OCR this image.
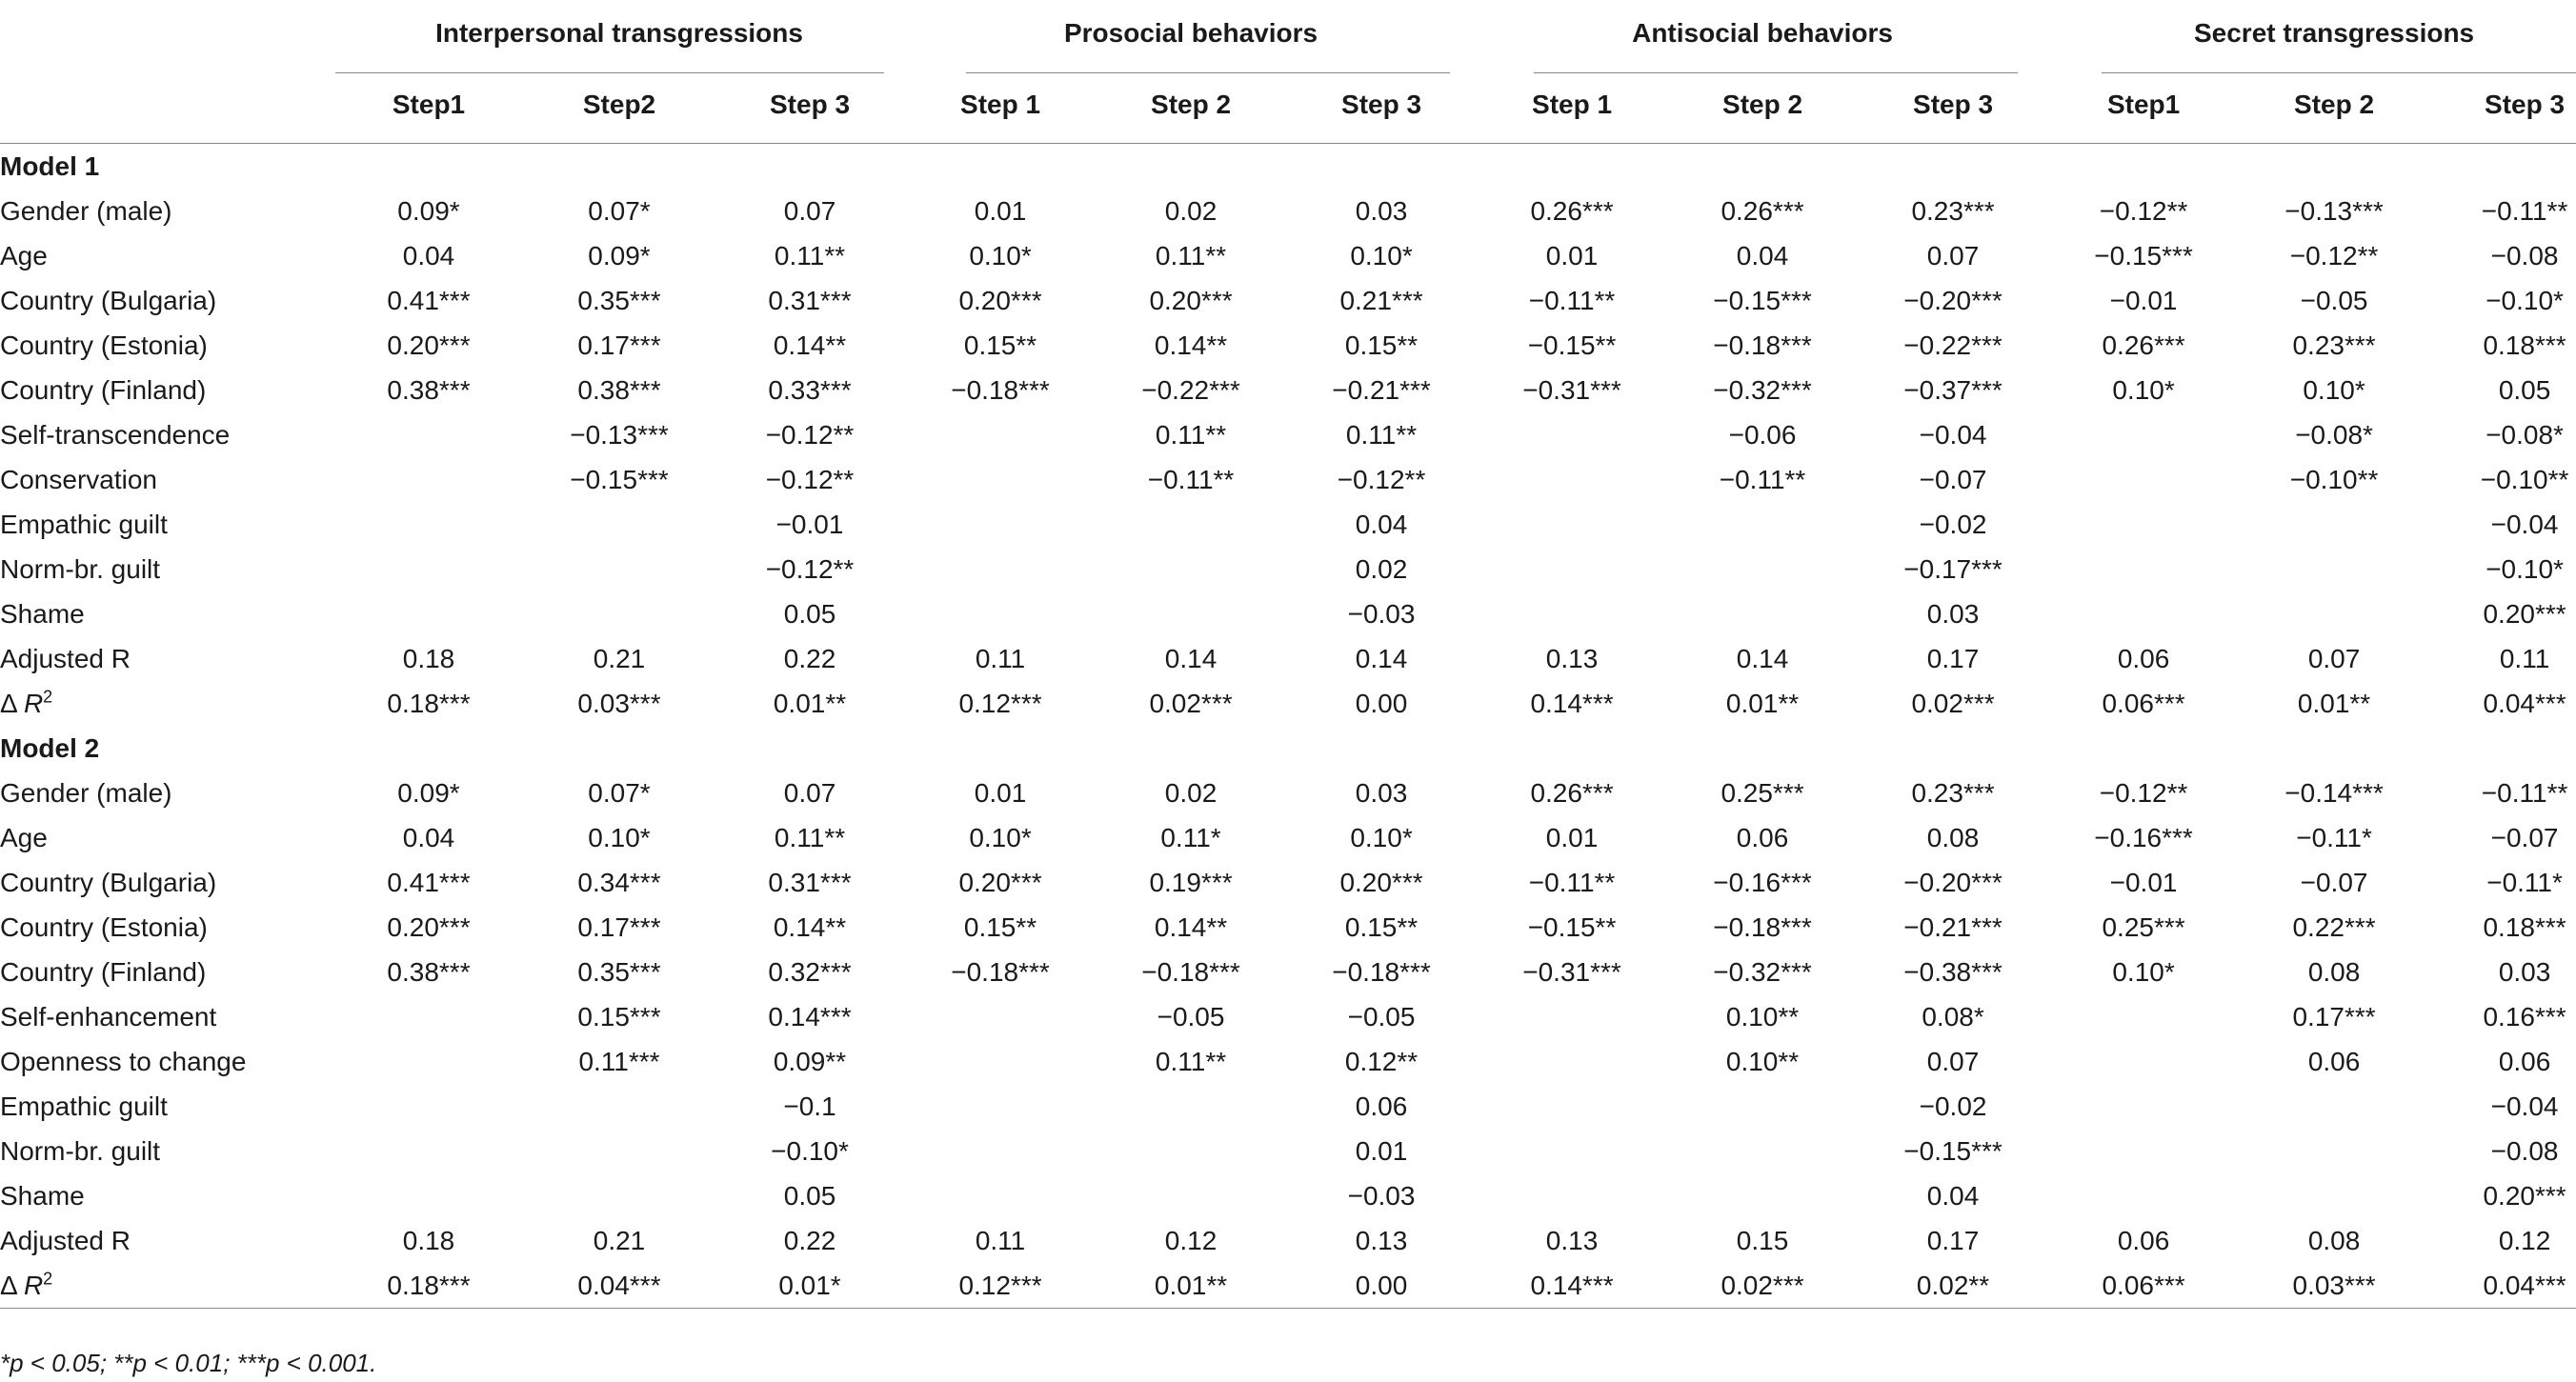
	Interpersonal transgressions			Prosocial behaviors			Antisocial behaviors			Secret transgressions		
	Step1	Step2	Step 3	Step 1	Step 2	Step 3	Step 1	Step 2	Step 3	Step1	Step 2	Step 3
Model 1												
Gender (male)	0.09*	0.07*	0.07	0.01	0.02	0.03	0.26***	0.26***	0.23***	−0.12**	−0.13***	−0.11**
Age	0.04	0.09*	0.11**	0.10*	0.11**	0.10*	0.01	0.04	0.07	−0.15***	−0.12**	−0.08
Country (Bulgaria)	0.41***	0.35***	0.31***	0.20***	0.20***	0.21***	−0.11**	−0.15***	−0.20***	−0.01	−0.05	−0.10*
Country (Estonia)	0.20***	0.17***	0.14**	0.15**	0.14**	0.15**	−0.15**	−0.18***	−0.22***	0.26***	0.23***	0.18***
Country (Finland)	0.38***	0.38***	0.33***	−0.18***	−0.22***	−0.21***	−0.31***	−0.32***	−0.37***	0.10*	0.10*	0.05
Self-transcendence		−0.13***	−0.12**		0.11**	0.11**		−0.06	−0.04		−0.08*	−0.08*
Conservation		−0.15***	−0.12**		−0.11**	−0.12**		−0.11**	−0.07		−0.10**	−0.10**
Empathic guilt			−0.01			0.04			−0.02			−0.04
Norm-br. guilt			−0.12**			0.02			−0.17***			−0.10*
Shame			0.05			−0.03			0.03			0.20***
Adjusted R	0.18	0.21	0.22	0.11	0.14	0.14	0.13	0.14	0.17	0.06	0.07	0.11
Δ $R^2$	0.18***	0.03***	0.01**	0.12***	0.02***	0.00	0.14***	0.01**	0.02***	0.06***	0.01**	0.04***
Model 2												
Gender (male)	0.09*	0.07*	0.07	0.01	0.02	0.03	0.26***	0.25***	0.23***	−0.12**	−0.14***	−0.11**
Age	0.04	0.10*	0.11**	0.10*	0.11*	0.10*	0.01	0.06	0.08	−0.16***	−0.11*	−0.07
Country (Bulgaria)	0.41***	0.34***	0.31***	0.20***	0.19***	0.20***	−0.11**	−0.16***	−0.20***	−0.01	−0.07	−0.11*
Country (Estonia)	0.20***	0.17***	0.14**	0.15**	0.14**	0.15**	−0.15**	−0.18***	−0.21***	0.25***	0.22***	0.18***
Country (Finland)	0.38***	0.35***	0.32***	−0.18***	−0.18***	−0.18***	−0.31***	−0.32***	−0.38***	0.10*	0.08	0.03
Self-enhancement		0.15***	0.14***		−0.05	−0.05		0.10**	0.08*		0.17***	0.16***
Openness to change		0.11***	0.09**		0.11**	0.12**		0.10**	0.07		0.06	0.06
Empathic guilt			−0.1			0.06			−0.02			−0.04
Norm-br. guilt			−0.10*			0.01			−0.15***			−0.08
Shame			0.05			−0.03			0.04			0.20***
Adjusted R	0.18	0.21	0.22	0.11	0.12	0.13	0.13	0.15	0.17	0.06	0.08	0.12
Δ $R^2$	0.18***	0.04***	0.01*	0.12***	0.01**	0.00	0.14***	0.02***	0.02**	0.06***	0.03***	0.04***
*p < 0.05; **p < 0.01; ***p < 0.001.
